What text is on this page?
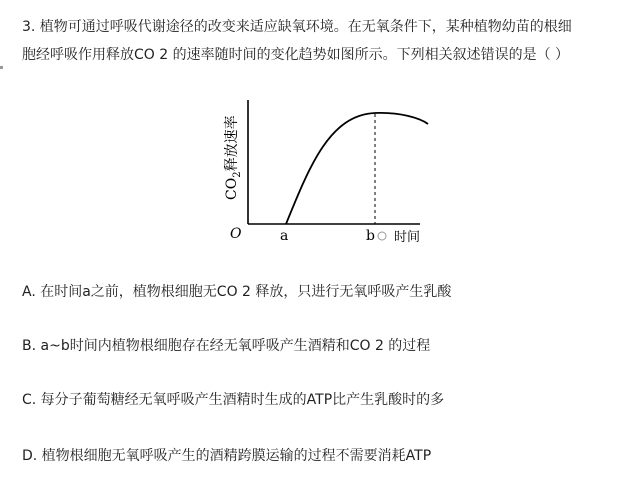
3. 植物可通过呼吸代谢途径的改变来适应缺氧环境。在无氧条件下，某种植物幼苗的根细
胞经呼吸作用释放CO 2 的速率随时间的变化趋势如图所示。下列相关叙述错误的是（ ）
$CO_2$释放速率
O	a	b 时间
A. 在时间a之前，植物根细胞无CO 2 释放，只进行无氧呼吸产生乳酸
B. a~b时间内植物根细胞存在经无氧呼吸产生酒精和CO 2 的过程
C. 每分子葡萄糖经无氧呼吸产生酒精时生成的ATP比产生乳酸时的多
D. 植物根细胞无氧呼吸产生的酒精跨膜运输的过程不需要消耗ATP
